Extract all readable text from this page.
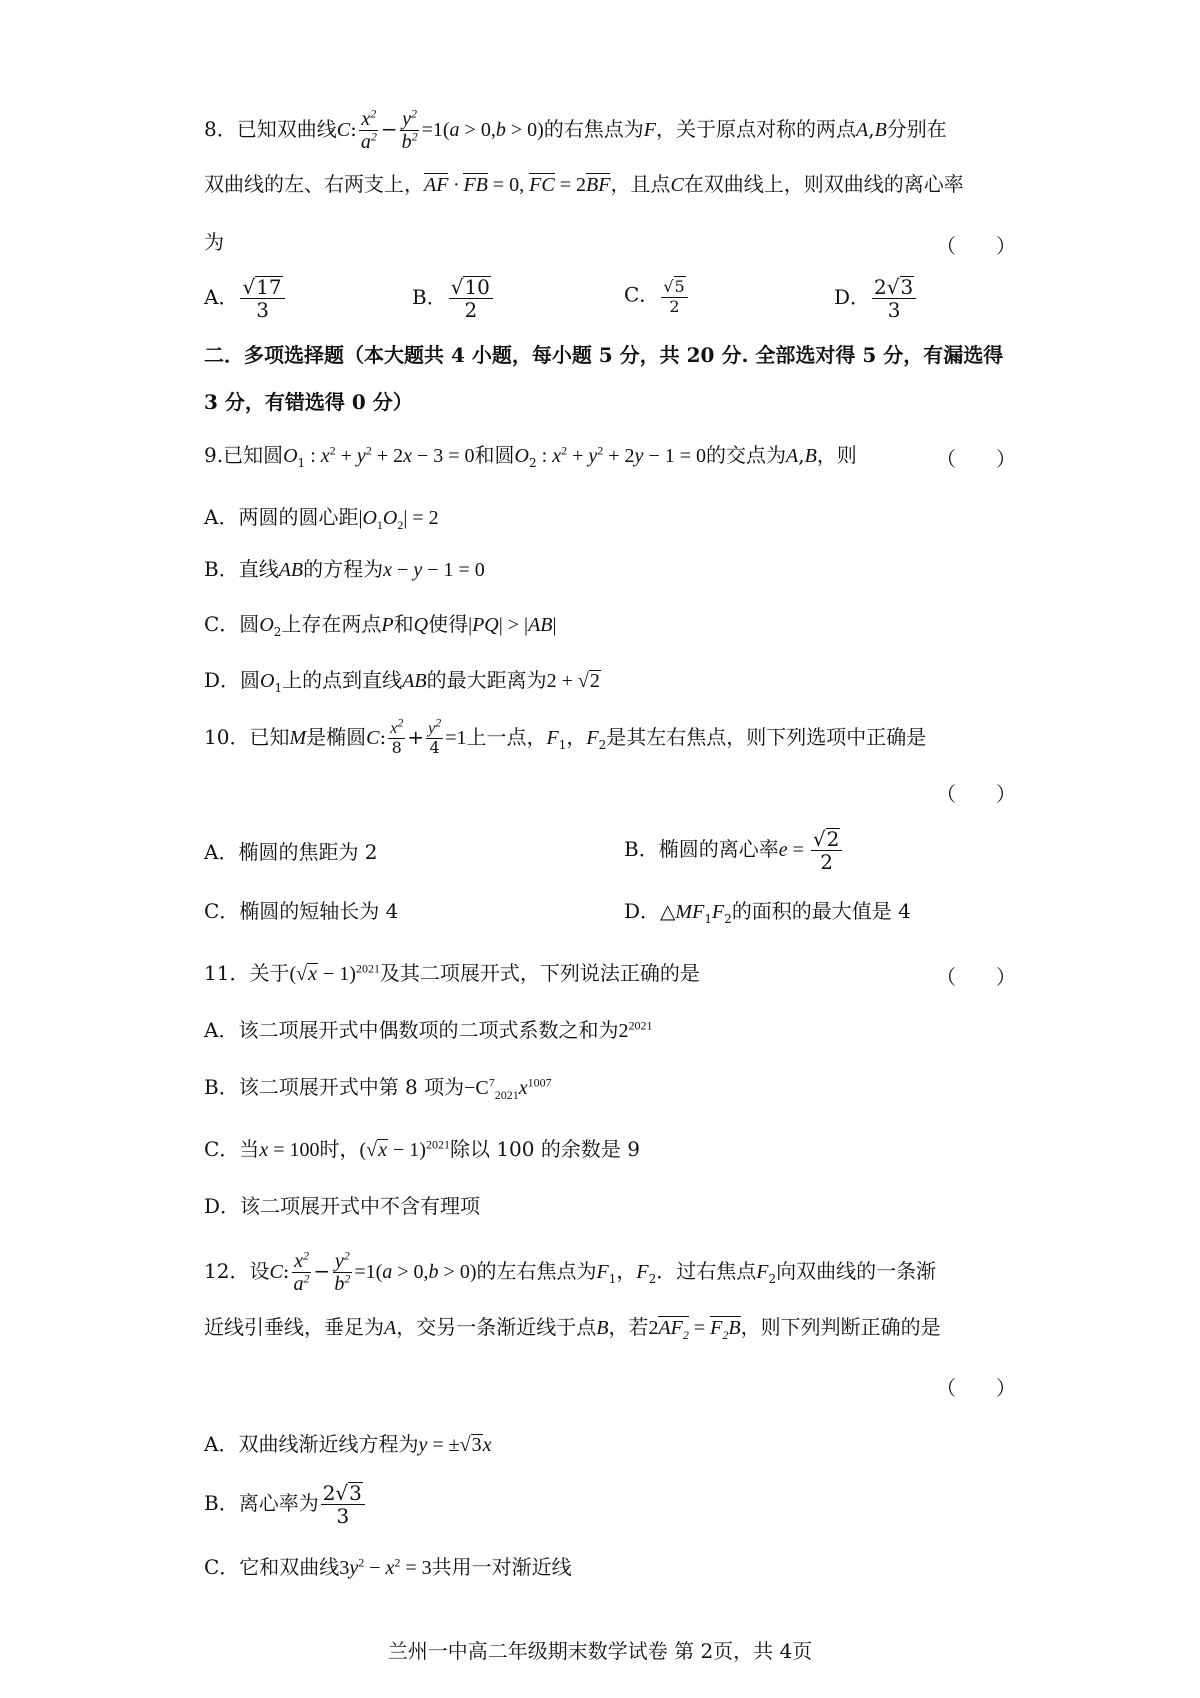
8．已知双曲线C: $\frac{x^2}{a^2} - \frac{y^2}{b^2} =1(a > 0,b > 0)$的右焦点为F，关于原点对称的两点A,B分别在
双曲线的左、右两支上，AF · FB = 0, FC = 2BF，且点C在双曲线上，则双曲线的离心率
为	（　　）
A． $\frac{√17}{3}$	B． $\frac{√10}{2}$	C． $\frac{√5}{2}$	D． $\frac{2√3}{3}$
二．多项选择题（本大题共 4 小题，每小题 5 分，共 20 分. 全部选对得 5 分，有漏选得
3 分，有错选得 0 分）
9.已知圆$O_1$ : $x^2 + y^2 + 2x - 3 = 0$和圆$O_2$ : $x^2 + y^2 + 2y - 1 = 0$的交点为A,B，则	（　　）
A．两圆的圆心距$|O_1O_2| = 2$
B．直线AB的方程为x − y − 1 = 0
C．圆$O_2$上存在两点P和Q使得|PQ| > |AB|
D．圆$O_1$上的点到直线AB的最大距离为2 + √2
10．已知M是椭圆C: $\frac{x^2}{8} + \frac{y^2}{4} =1$上一点，$F_1$，$F_2$是其左右焦点，则下列选项中正确是
（　　）
A．椭圆的焦距为 2	B．椭圆的离心率$e = \frac{√2}{2}$
C．椭圆的短轴长为 4	D．$\triangle MF_1F_2$的面积的最大值是 4
11．关于$(√x - 1)^{2021}$及其二项展开式，下列说法正确的是	（　　）
A．该二项展开式中偶数项的二项式系数之和为$2^{2021}$
B．该二项展开式中第 8 项为$-C^7_{2021}x^{1007}$
C．当x = 100时，$(√x - 1)^{2021}$除以 100 的余数是 9
D．该二项展开式中不含有理项
12．设C: $\frac{x^2}{a^2} - \frac{y^2}{b^2} =1(a > 0,b > 0)$的左右焦点为$F_1$，$F_2$．过右焦点$F_2$向双曲线的一条渐
近线引垂线，垂足为A，交另一条渐近线于点B，若$2AF_2 = F_2B$，则下列判断正确的是
（　　）
A．双曲线渐近线方程为y = ±√3x
B．离心率为 $\frac{2√3}{3}$
C．它和双曲线$3y^2 - x^2 = 3$共用一对渐近线
兰州一中高二年级期末数学试卷 第 2页，共 4页
